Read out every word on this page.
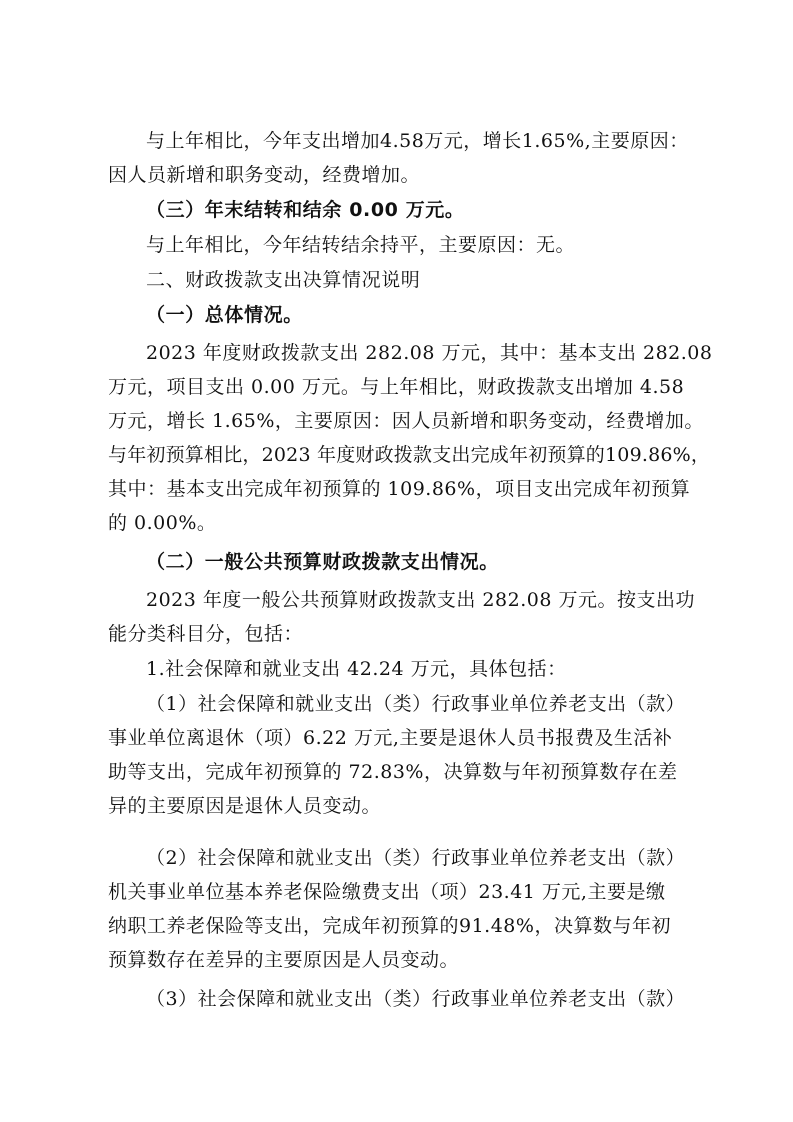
与上年相比，今年支出增加4.58万元，增长1.65%,主要原因：
因人员新增和职务变动，经费增加。
（三）年末结转和结余 0.00 万元。
与上年相比，今年结转结余持平，主要原因：无。
二、财政拨款支出决算情况说明
（一）总体情况。
2023 年度财政拨款支出 282.08 万元，其中：基本支出 282.08
万元，项目支出 0.00 万元。与上年相比，财政拨款支出增加 4.58
万元，增长 1.65%，主要原因：因人员新增和职务变动，经费增加。
与年初预算相比，2023 年度财政拨款支出完成年初预算的109.86%，
其中：基本支出完成年初预算的 109.86%，项目支出完成年初预算
的 0.00%。
（二）一般公共预算财政拨款支出情况。
2023 年度一般公共预算财政拨款支出 282.08 万元。按支出功
能分类科目分，包括：
1.社会保障和就业支出 42.24 万元，具体包括：
（1）社会保障和就业支出（类）行政事业单位养老支出（款）
事业单位离退休（项）6.22 万元,主要是退休人员书报费及生活补
助等支出，完成年初预算的 72.83%，决算数与年初预算数存在差
异的主要原因是退休人员变动。
（2）社会保障和就业支出（类）行政事业单位养老支出（款）
机关事业单位基本养老保险缴费支出（项）23.41 万元,主要是缴
纳职工养老保险等支出，完成年初预算的91.48%，决算数与年初
预算数存在差异的主要原因是人员变动。
（3）社会保障和就业支出（类）行政事业单位养老支出（款）
